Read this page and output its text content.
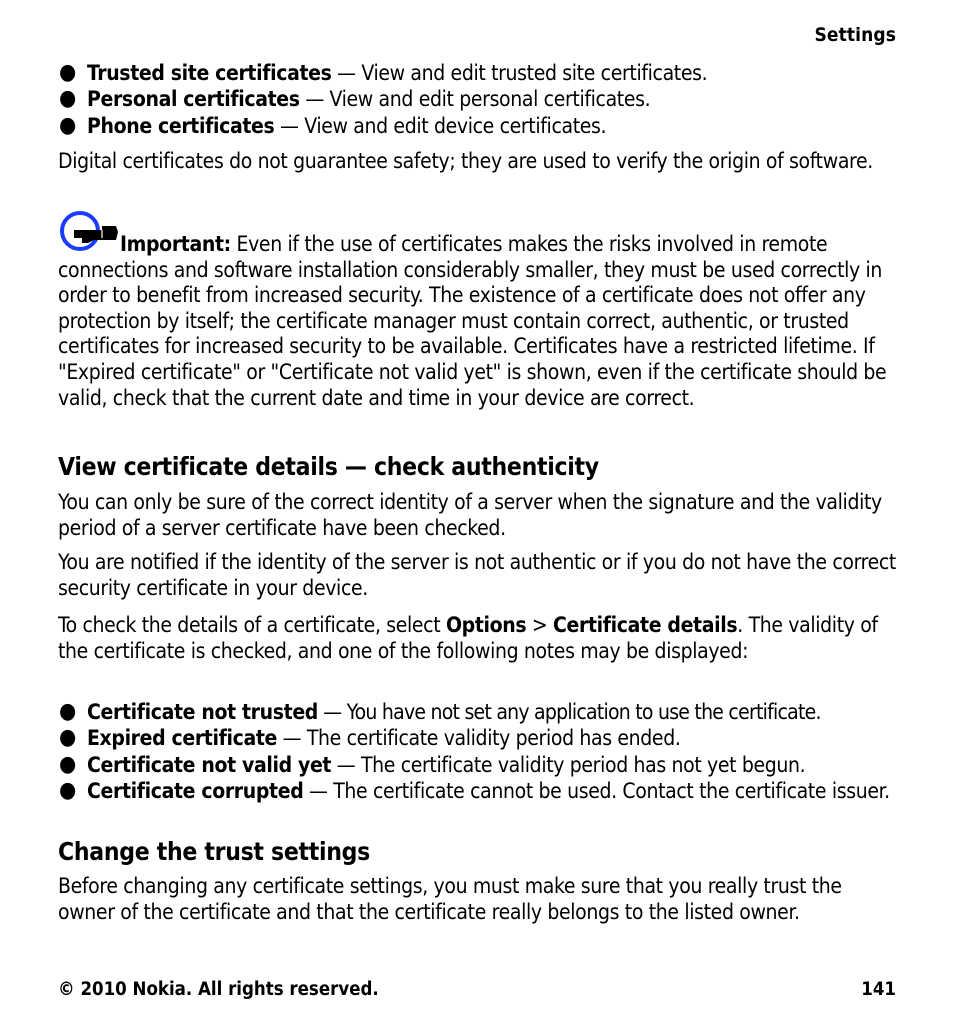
Settings
● Trusted site certificates — View and edit trusted site certificates.
● Personal certificates — View and edit personal certificates.
● Phone certificates — View and edit device certificates.

Digital certificates do not guarantee safety; they are used to verify the origin of software.

Important: Even if the use of certificates makes the risks involved in remote connections and software installation considerably smaller, they must be used correctly in order to benefit from increased security. The existence of a certificate does not offer any protection by itself; the certificate manager must contain correct, authentic, or trusted certificates for increased security to be available. Certificates have a restricted lifetime. If "Expired certificate" or "Certificate not valid yet" is shown, even if the certificate should be valid, check that the current date and time in your device are correct.
View certificate details — check authenticity

You can only be sure of the correct identity of a server when the signature and the validity period of a server certificate have been checked.

You are notified if the identity of the server is not authentic or if you do not have the correct security certificate in your device.

To check the details of a certificate, select Options > Certificate details. The validity of the certificate is checked, and one of the following notes may be displayed:

● Certificate not trusted — You have not set any application to use the certificate.
● Expired certificate — The certificate validity period has ended.
● Certificate not valid yet — The certificate validity period has not yet begun.
● Certificate corrupted — The certificate cannot be used. Contact the certificate issuer.
Change the trust settings

Before changing any certificate settings, you must make sure that you really trust the owner of the certificate and that the certificate really belongs to the listed owner.

© 2010 Nokia. All rights reserved.	141
